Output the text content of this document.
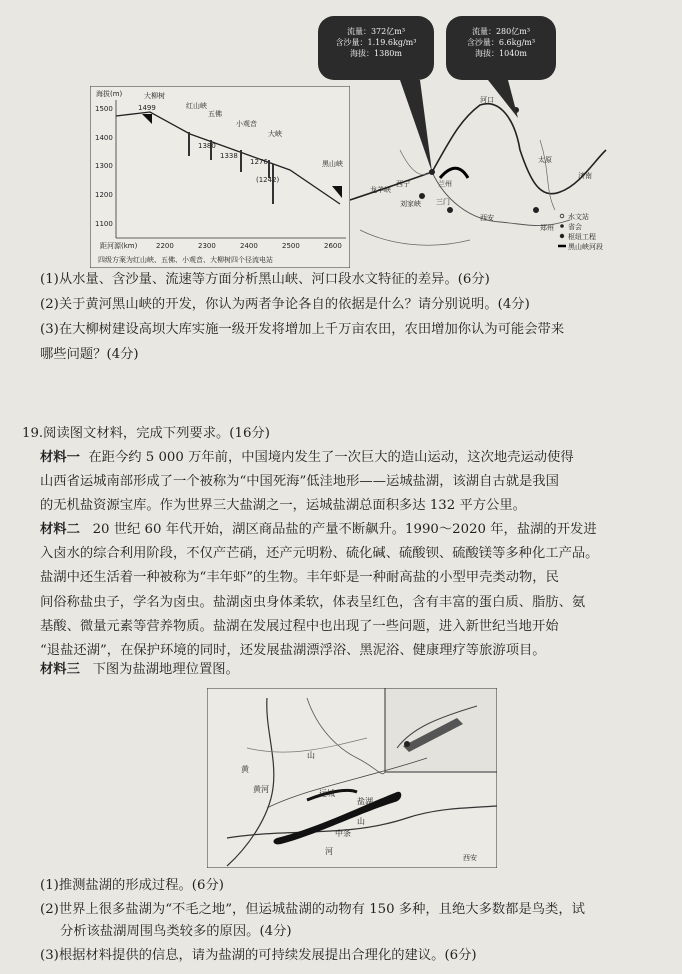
海拔(m)
1500
1400
1300
1200
1100
大柳树
红山峡
五佛
小观音
大峡
黑山峡
1499
1380
1276
1338
(1242)
距河源(km)	2200	2300	2400	2500	2600
四级方案为红山峡、五佛、小观音、大柳树四个径流电站
河口
兰州
西宁
刘家峡 三门
郑州
西安
太原
济南
龙羊峡
水文站
省会
枢纽工程
黑山峡河段
流量：372亿m³
含沙量：1.19.6kg/m³
海拔：1380m
流量：280亿m³
含沙量：6.6kg/m³
海拔：1040m
(1)从水量、含沙量、流速等方面分析黑山峡、河口段水文特征的差异。(6分)
(2)关于黄河黑山峡的开发，你认为两者争论各自的依据是什么？请分别说明。(4分)
(3)在大柳树建设高坝大库实施一级开发将增加上千万亩农田，农田增加你认为可能会带来
哪些问题？(4分)
19.阅读图文材料，完成下列要求。(16分)
材料一 在距今约 5 000 万年前，中国境内发生了一次巨大的造山运动，这次地壳运动使得
山西省运城南部形成了一个被称为“中国死海”低洼地形——运城盐湖，该湖自古就是我国
的无机盐资源宝库。作为世界三大盐湖之一，运城盐湖总面积多达 132 平方公里。
材料二 20 世纪 60 年代开始，湖区商品盐的产量不断飙升。1990～2020 年，盐湖的开发进
入卤水的综合利用阶段，不仅产芒硝，还产元明粉、硫化碱、硫酸钡、硫酸镁等多种化工产品。
盐湖中还生活着一种被称为“丰年虾”的生物。丰年虾是一种耐高盐的小型甲壳类动物，民
间俗称盐虫子，学名为卤虫。盐湖卤虫身体柔软，体表呈红色，含有丰富的蛋白质、脂肪、氨
基酸、微量元素等营养物质。盐湖在发展过程中也出现了一些问题，进入新世纪当地开始
“退盐还湖”，在保护环境的同时，还发展盐湖漂浮浴、黑泥浴、健康理疗等旅游项目。
材料三 下图为盐湖地理位置图。
山
运城
盐湖
中条
山
黄河
河
西安
黄
(1)推测盐湖的形成过程。(6分)
(2)世界上很多盐湖为“不毛之地”，但运城盐湖的动物有 150 多种，且绝大多数都是鸟类，试
分析该盐湖周围鸟类较多的原因。(4分)
(3)根据材料提供的信息，请为盐湖的可持续发展提出合理化的建议。(6分)
